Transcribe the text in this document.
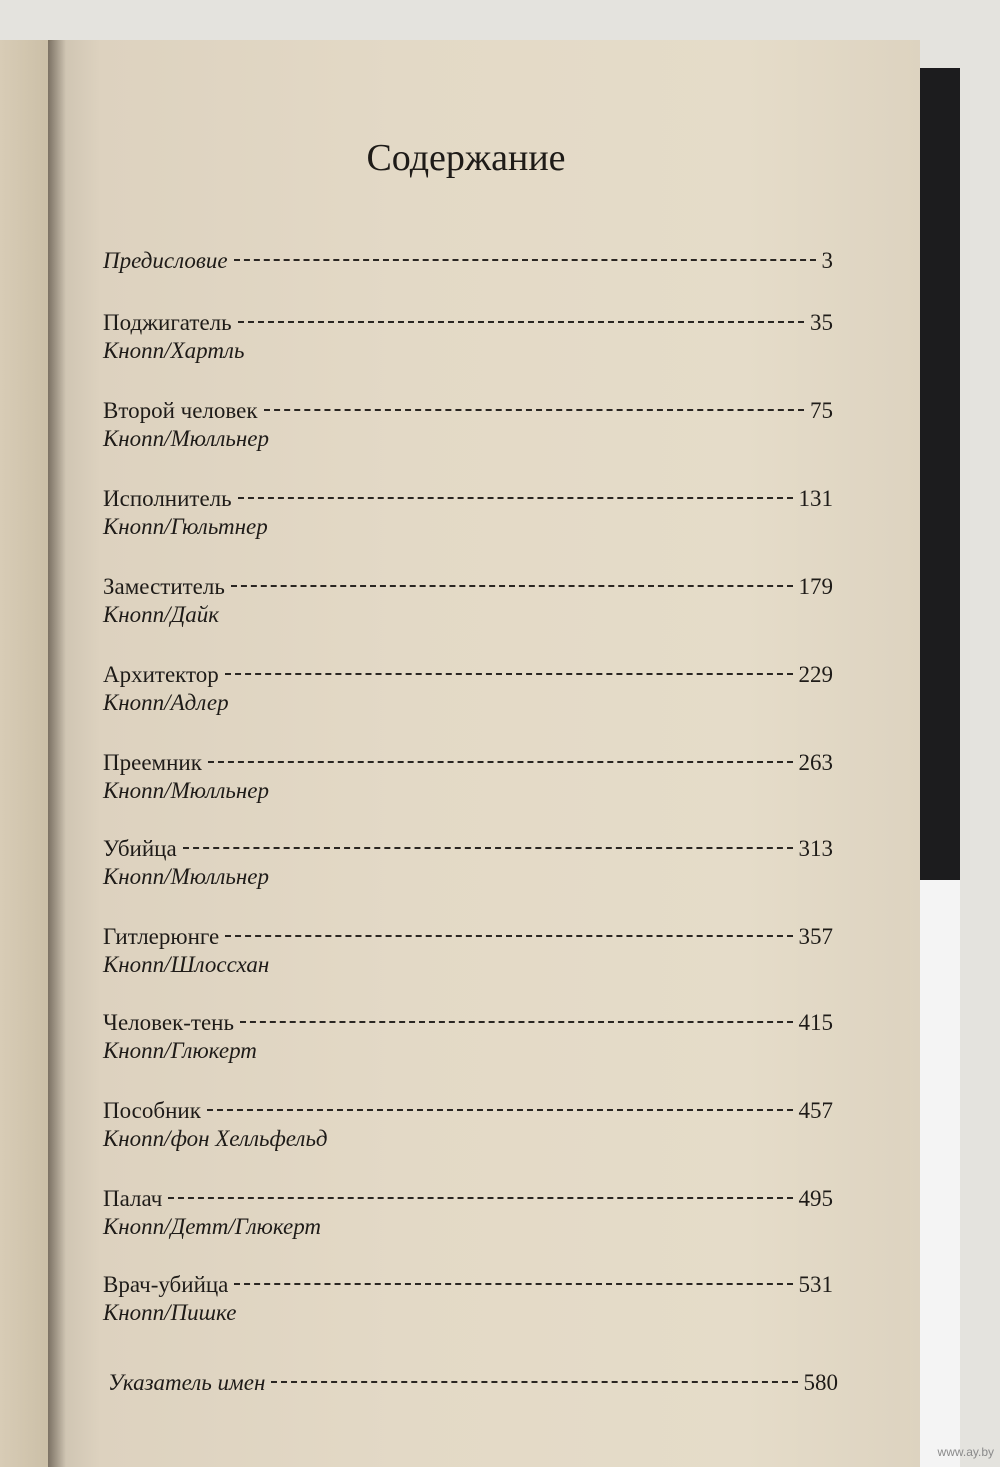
Содержание
Предисловие	3
Поджигатель	35
Кнопп/Хартль
Второй человек	75
Кнопп/Мюлльнер
Исполнитель	131
Кнопп/Гюльтнер
Заместитель	179
Кнопп/Дайк
Архитектор	229
Кнопп/Адлер
Преемник	263
Кнопп/Мюлльнер
Убийца	313
Кнопп/Мюлльнер
Гитлерюнге	357
Кнопп/Шлоссхан
Человек-тень	415
Кнопп/Глюкерт
Пособник	457
Кнопп/фон Хелльфельд
Палач	495
Кнопп/Детт/Глюкерт
Врач-убийца	531
Кнопп/Пишке
Указатель имен	580
www.ay.by
